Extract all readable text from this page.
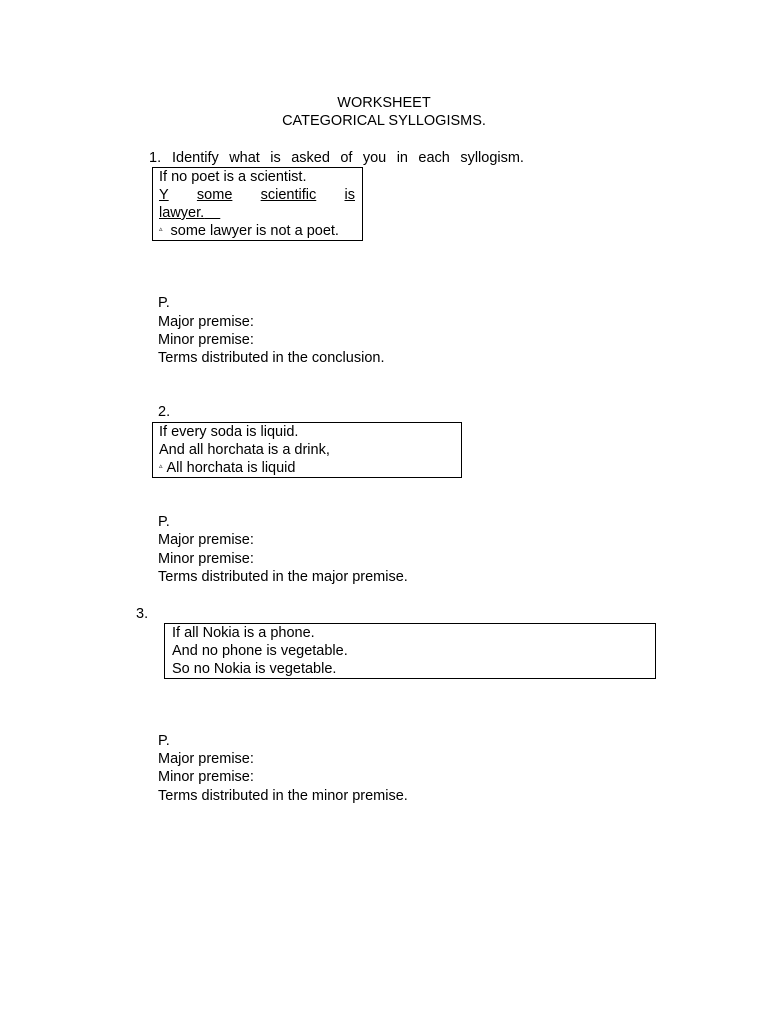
WORKSHEET
CATEGORICAL SYLLOGISMS.
1. Identify what is asked of you in each syllogism.
If no poet is a scientist.
Y some scientific is
lawyer.
▵ some lawyer is not a poet.
P.
Major premise:
Minor premise:
Terms distributed in the conclusion.
2.
If every soda is liquid.
And all horchata is a drink,
▵ All horchata is liquid
P.
Major premise:
Minor premise:
Terms distributed in the major premise.
3.
If all Nokia is a phone.
And no phone is vegetable.
So no Nokia is vegetable.
P.
Major premise:
Minor premise:
Terms distributed in the minor premise.
